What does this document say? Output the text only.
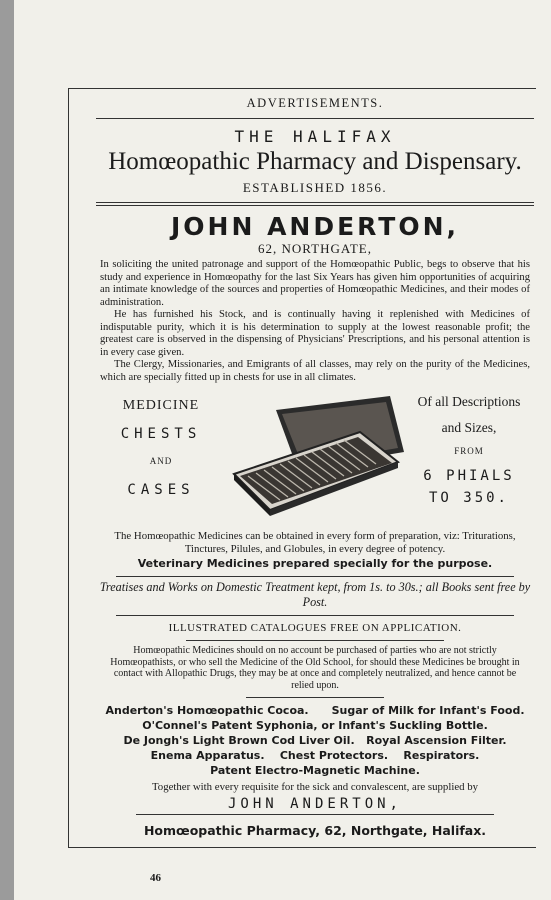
ADVERTISEMENTS.
THE HALIFAX
Homœopathic Pharmacy and Dispensary.
ESTABLISHED 1856.
JOHN ANDERTON,
62, NORTHGATE,

In soliciting the united patronage and support of the Homœopathic Public, begs to observe that his study and experience in Homœopathy for the last Six Years has given him opportunities of acquiring an intimate knowledge of the sources and properties of Homœopathic Medicines, and their modes of administration.

He has furnished his Stock, and is continually having it replenished with Medicines of indisputable purity, which it is his determination to supply at the lowest reasonable profit; the greatest care is observed in the dispensing of Physicians' Prescriptions, and his personal attention is in every case given.

The Clergy, Missionaries, and Emigrants of all classes, may rely on the purity of the Medicines, which are specially fitted up in chests for use in all climates.

MEDICINE
CHESTS
AND
CASES
Of all Descriptions
and Sizes,
FROM
6 PHIALS
TO 350.
The Homœopathic Medicines can be obtained in every form of preparation, viz: Triturations, Tinctures, Pilules, and Globules, in every degree of potency.
Veterinary Medicines prepared specially for the purpose.
Treatises and Works on Domestic Treatment kept, from 1s. to 30s.; all Books sent free by Post.
ILLUSTRATED CATALOGUES FREE ON APPLICATION.
Homœopathic Medicines should on no account be purchased of parties who are not strictly Homœopathists, or who sell the Medicine of the Old School, for should these Medicines be brought in contact with Allopathic Drugs, they may be at once and completely neutralized, and hence cannot be relied upon.
Anderton's Homœopathic Cocoa.      Sugar of Milk for Infant's Food.
O'Connel's Patent Syphonia, or Infant's Suckling Bottle.
De Jongh's Light Brown Cod Liver Oil.   Royal Ascension Filter.
Enema Apparatus.    Chest Protectors.    Respirators.
Patent Electro-Magnetic Machine.
Together with every requisite for the sick and convalescent, are supplied by
JOHN ANDERTON,
Homœopathic Pharmacy, 62, Northgate, Halifax.
46
